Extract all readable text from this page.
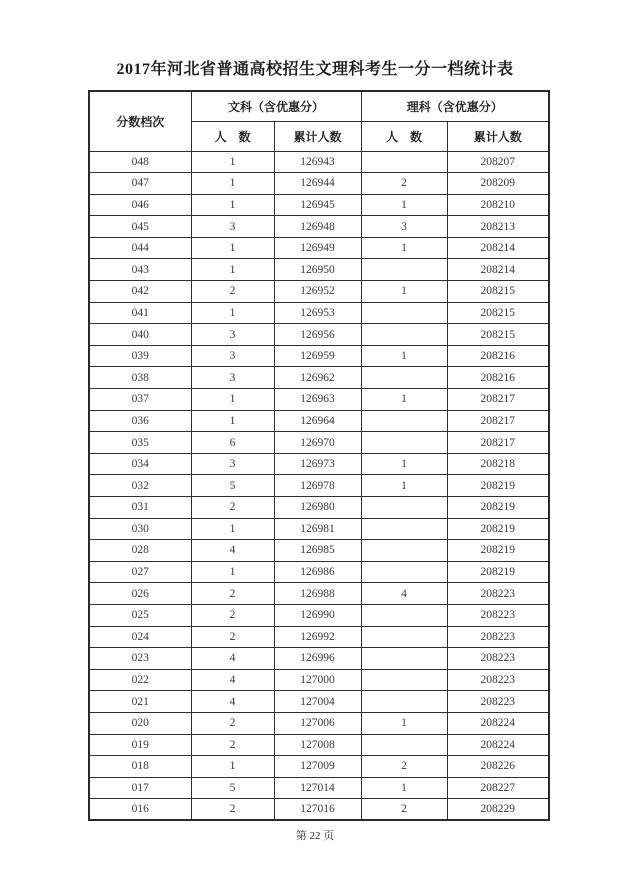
2017年河北省普通高校招生文理科考生一分一档统计表
分数档次	文科（含优惠分）		理科（含优惠分）	
	人　数	累计人数	人　数	累计人数
048	1	126943		208207
047	1	126944	2	208209
046	1	126945	1	208210
045	3	126948	3	208213
044	1	126949	1	208214
043	1	126950		208214
042	2	126952	1	208215
041	1	126953		208215
040	3	126956		208215
039	3	126959	1	208216
038	3	126962		208216
037	1	126963	1	208217
036	1	126964		208217
035	6	126970		208217
034	3	126973	1	208218
032	5	126978	1	208219
031	2	126980		208219
030	1	126981		208219
028	4	126985		208219
027	1	126986		208219
026	2	126988	4	208223
025	2	126990		208223
024	2	126992		208223
023	4	126996		208223
022	4	127000		208223
021	4	127004		208223
020	2	127006	1	208224
019	2	127008		208224
018	1	127009	2	208226
017	5	127014	1	208227
016	2	127016	2	208229
第 22 页
